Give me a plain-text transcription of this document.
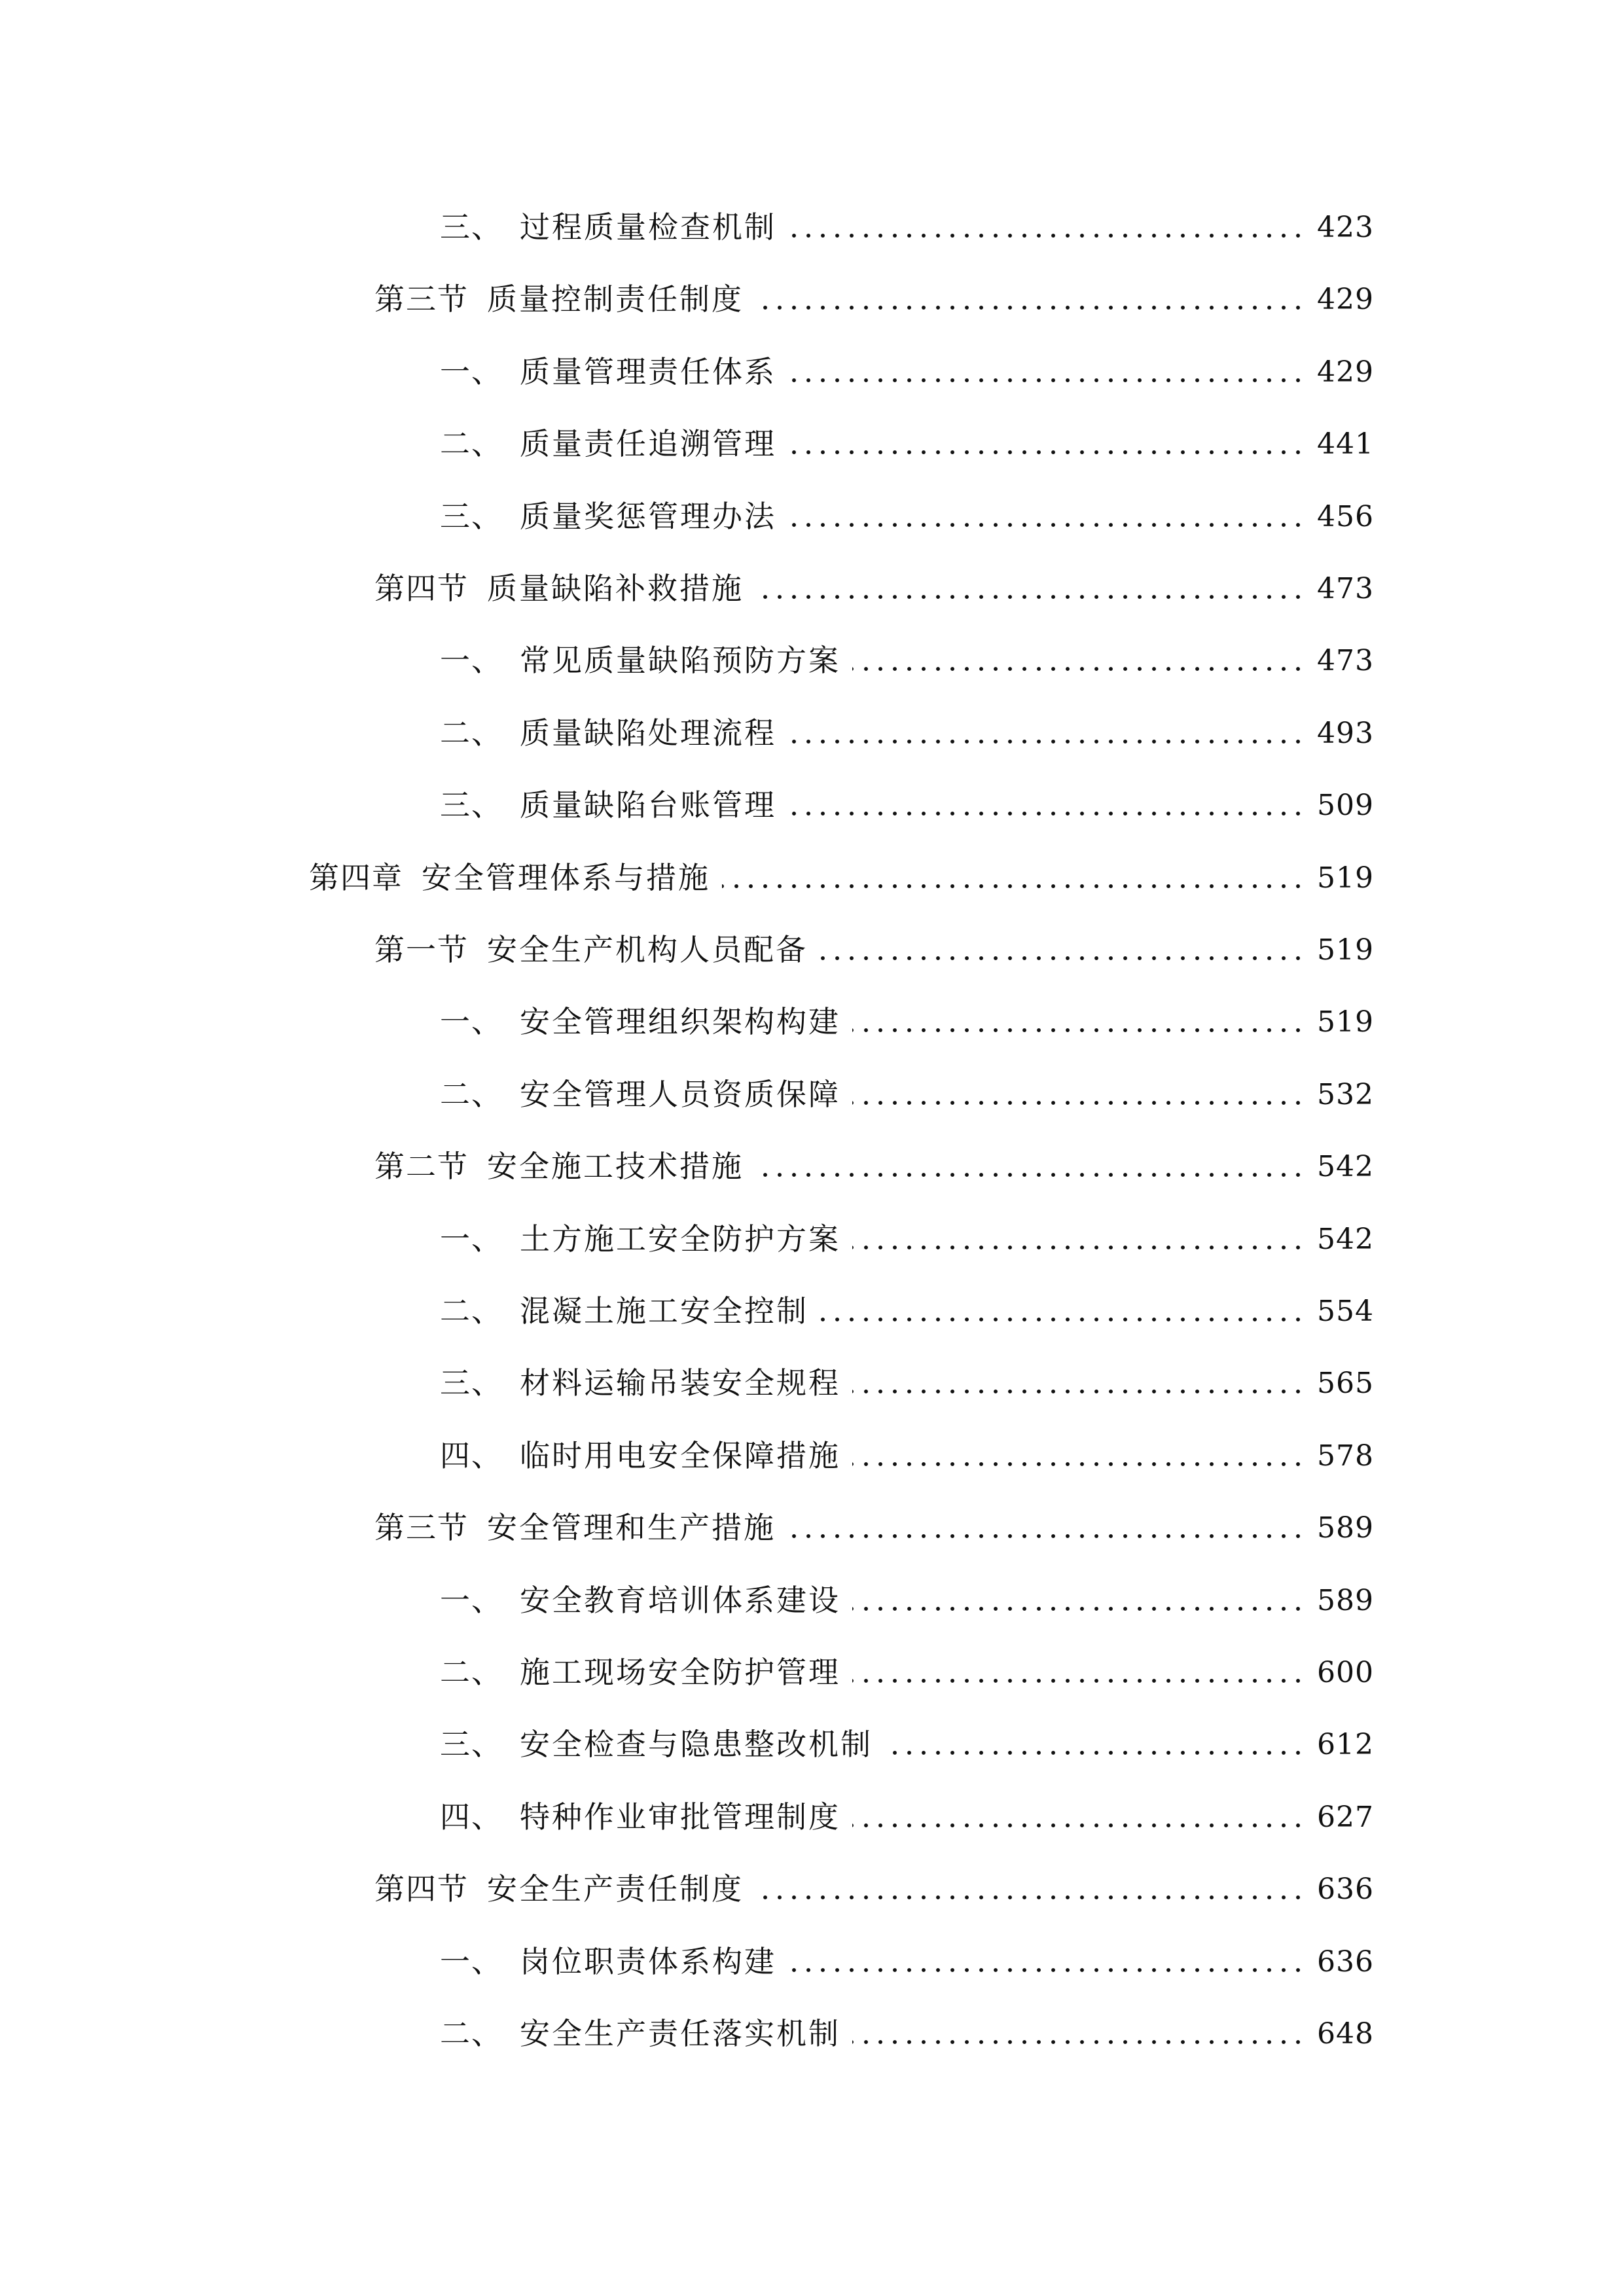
三、 过程质量检查机制	423
第三节 质量控制责任制度	429
一、 质量管理责任体系	429
二、 质量责任追溯管理	441
三、 质量奖惩管理办法	456
第四节 质量缺陷补救措施	473
一、 常见质量缺陷预防方案	473
二、 质量缺陷处理流程	493
三、 质量缺陷台账管理	509
第四章 安全管理体系与措施	519
第一节 安全生产机构人员配备	519
一、 安全管理组织架构构建	519
二、 安全管理人员资质保障	532
第二节 安全施工技术措施	542
一、 土方施工安全防护方案	542
二、 混凝土施工安全控制	554
三、 材料运输吊装安全规程	565
四、 临时用电安全保障措施	578
第三节 安全管理和生产措施	589
一、 安全教育培训体系建设	589
二、 施工现场安全防护管理	600
三、 安全检查与隐患整改机制	612
四、 特种作业审批管理制度	627
第四节 安全生产责任制度	636
一、 岗位职责体系构建	636
二、 安全生产责任落实机制	648
